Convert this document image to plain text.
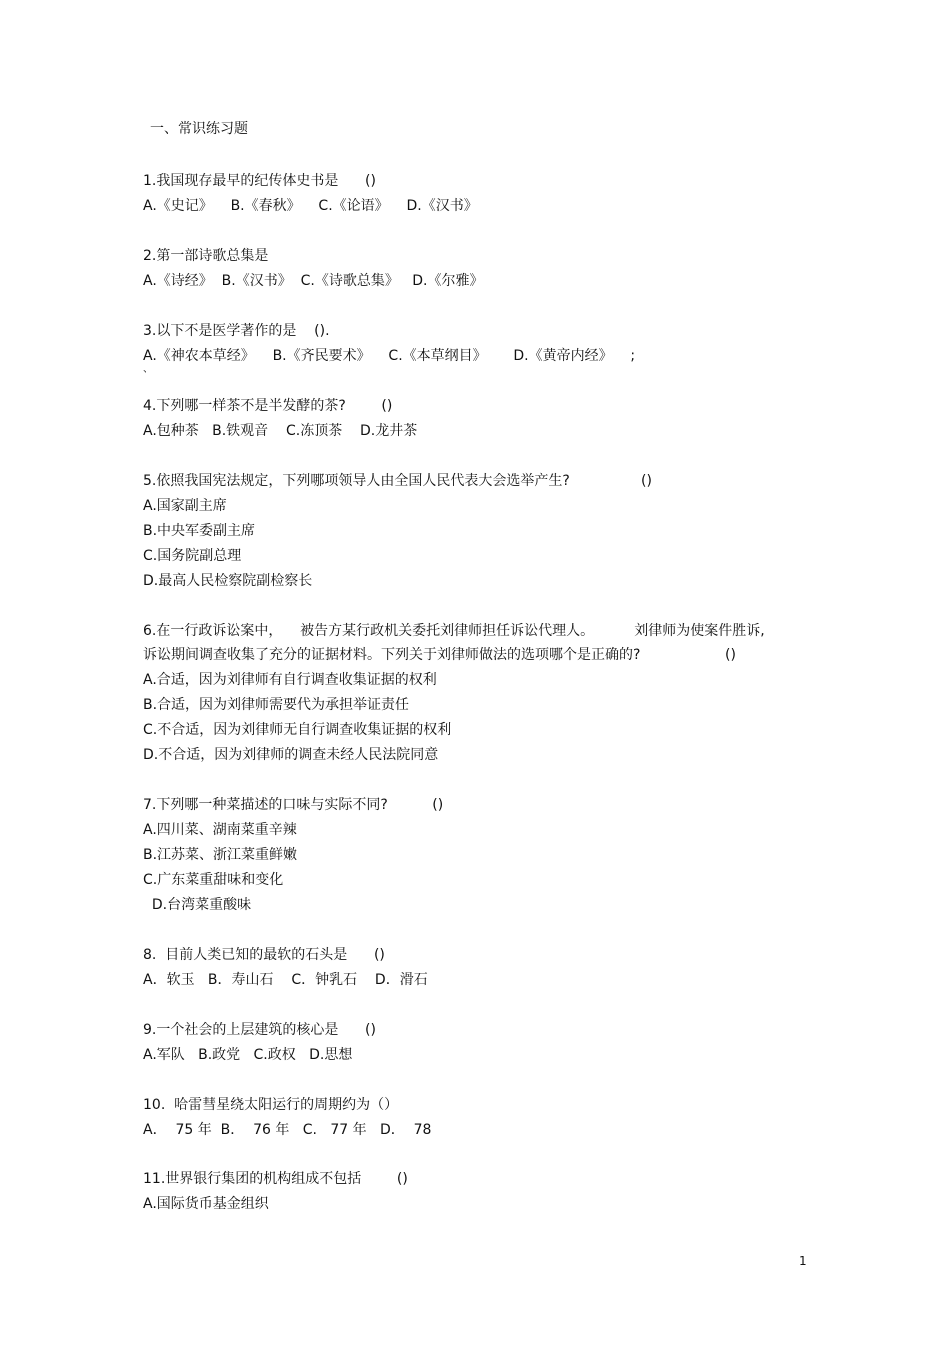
一、常识练习题
1.我国现存最早的纪传体史书是      ()
A.《史记》    B.《春秋》    C.《论语》    D.《汉书》
2.第一部诗歌总集是
A.《诗经》  B.《汉书》  C.《诗歌总集》   D.《尔雅》
3.以下不是医学著作的是    ().
A.《神农本草经》    B.《齐民要术》    C.《本草纲目》      D.《黄帝内经》    ;
、
4.下列哪一样茶不是半发酵的茶?        ()
A.包种茶   B.铁观音    C.冻顶茶    D.龙井茶
5.依照我国宪法规定，下列哪项领导人由全国人民代表大会选举产生?                ()
A.国家副主席
B.中央军委副主席
C.国务院副总理
D.最高人民检察院副检察长
6.在一行政诉讼案中，    被告方某行政机关委托刘律师担任诉讼代理人。         刘律师为使案件胜诉,
诉讼期间调查收集了充分的证据材料。下列关于刘律师做法的选项哪个是正确的?                   ()
A.合适，因为刘律师有自行调查收集证据的权利
B.合适，因为刘律师需要代为承担举证责任
C.不合适，因为刘律师无自行调查收集证据的权利
D.不合适，因为刘律师的调查未经人民法院同意
7.下列哪一种菜描述的口味与实际不同?          ()
A.四川菜、湖南菜重辛辣
B.江苏菜、浙江菜重鲜嫩
C.广东菜重甜味和变化
D.台湾菜重酸味
8.  目前人类已知的最软的石头是      ()
A．软玉   B．寿山石    C．钟乳石    D．滑石
9.一个社会的上层建筑的核心是      ()
A.军队   B.政党   C.政权   D.思想
10.  哈雷彗星绕太阳运行的周期约为（）
A．  75 年  B．  76 年   C.   77 年   D．  78
11.世界银行集团的机构组成不包括        ()
A.国际货币基金组织
1
